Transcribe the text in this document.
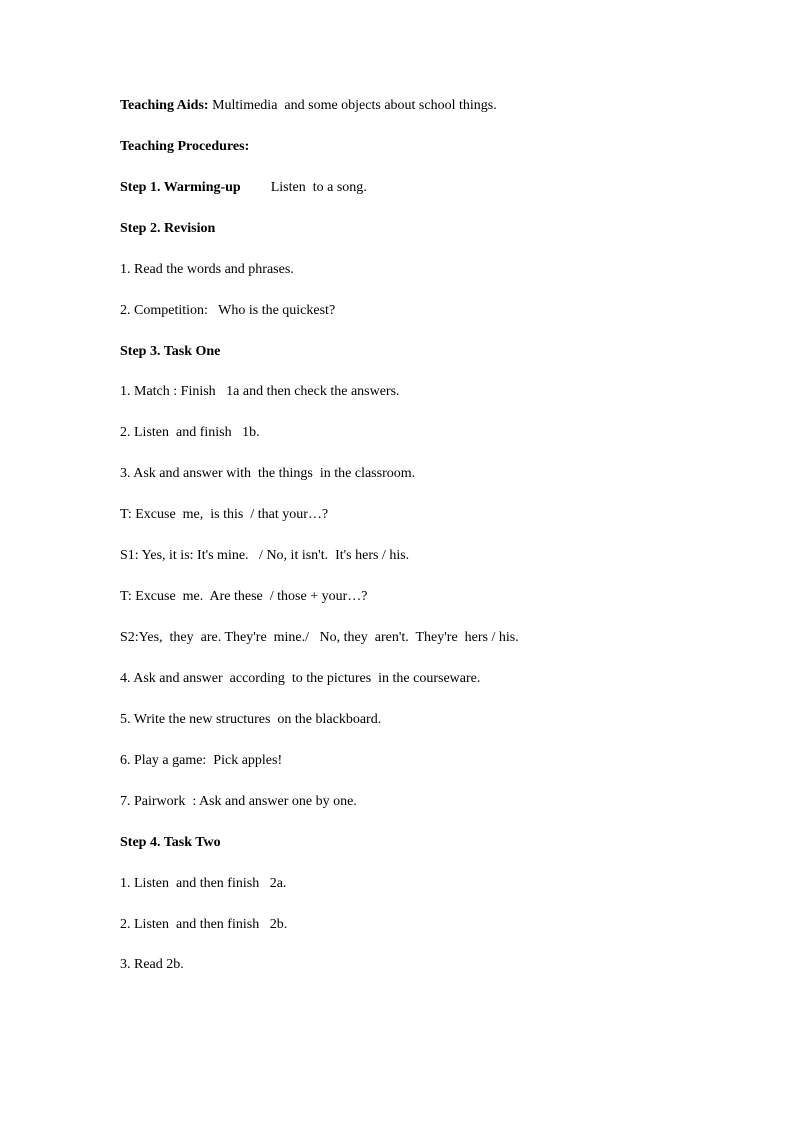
Teaching Aids: Multimedia  and some objects about school things.
Teaching Procedures:
Step 1. Warming-up Listen  to a song.
Step 2. Revision
1. Read the words and phrases.
2. Competition:   Who is the quickest?
Step 3. Task One
1. Match : Finish   1a and then check the answers.
2. Listen  and finish   1b.
3. Ask and answer with  the things  in the classroom.
T: Excuse  me,  is this  / that your…?
S1: Yes, it is: It's mine.   / No, it isn't.  It's hers / his.
T: Excuse  me.  Are these  / those + your…?
S2:Yes,  they  are. They're  mine./   No, they  aren't.  They're  hers / his.
4. Ask and answer  according  to the pictures  in the courseware.
5. Write the new structures  on the blackboard.
6. Play a game:  Pick apples!
7. Pairwork  : Ask and answer one by one.
Step 4. Task Two
1. Listen  and then finish   2a.
2. Listen  and then finish   2b.
3. Read 2b.
